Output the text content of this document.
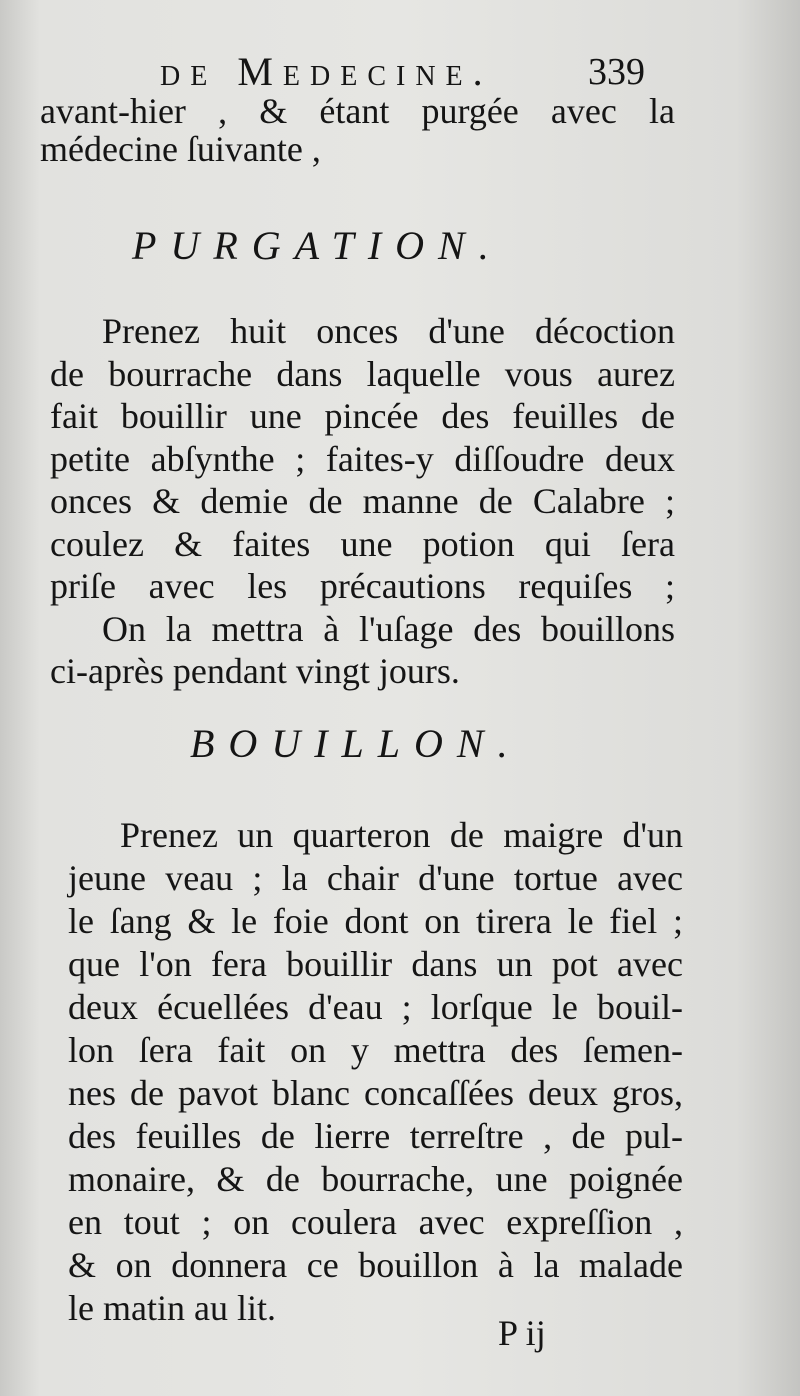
de Medecine.	339
avant-hier , & étant purgée avec la
médecine ſuivante ,
PURGATION.
Prenez huit onces d'une décoction
de bourrache dans laquelle vous aurez
fait bouillir une pincée des feuilles de
petite abſynthe ; faites-y diſſoudre deux
onces & demie de manne de Calabre ;
coulez & faites une potion qui ſera
priſe avec les précautions requiſes ;
On la mettra à l'uſage des bouillons
ci-après pendant vingt jours.
BOUILLON.
Prenez un quarteron de maigre d'un
jeune veau ; la chair d'une tortue avec
le ſang & le foie dont on tirera le fiel ;
que l'on fera bouillir dans un pot avec
deux écuellées d'eau ; lorſque le bouil-
lon ſera fait on y mettra des ſemen-
nes de pavot blanc concaſſées deux gros,
des feuilles de lierre terreſtre , de pul-
monaire, & de bourrache, une poignée
en tout ; on coulera avec expreſſion ,
& on donnera ce bouillon à la malade
le matin au lit.
P ij
